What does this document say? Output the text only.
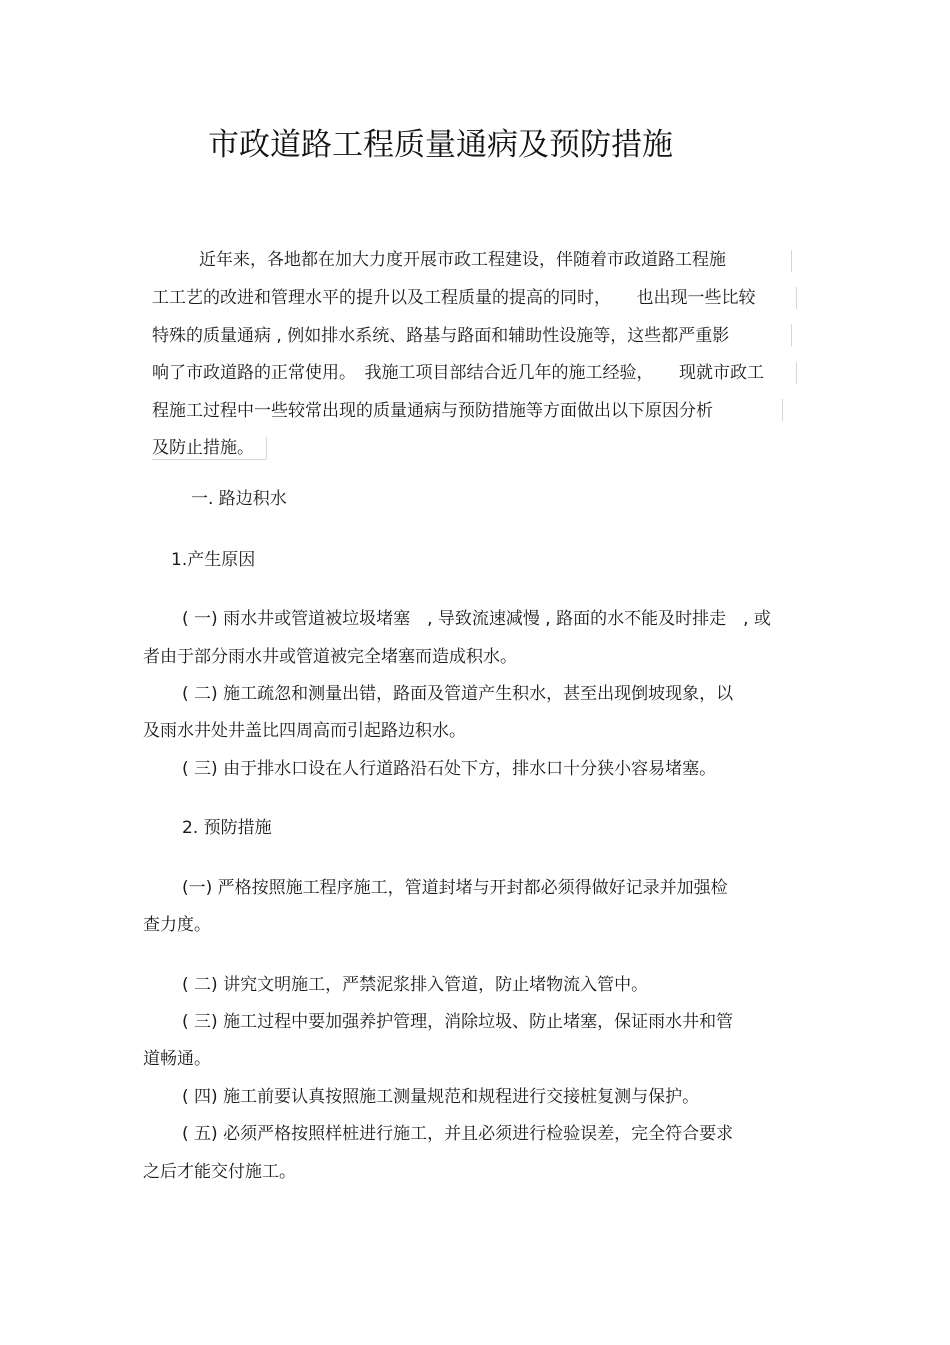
市政道路工程质量通病及预防措施
近年来，各地都在加大力度开展市政工程建设，伴随着市政道路工程施
工工艺的改进和管理水平的提升以及工程质量的提高的同时，　　也出现一些比较
特殊的质量通病 , 例如排水系统、路基与路面和辅助性设施等，这些都严重影
响了市政道路的正常使用。　我施工项目部结合近几年的施工经验，　　现就市政工
程施工过程中一些较常出现的质量通病与预防措施等方面做出以下原因分析
及防止措施。
一. 路边积水
1.产生原因
( 一) 雨水井或管道被垃圾堵塞　, 导致流速减慢 , 路面的水不能及时排走　, 或
者由于部分雨水井或管道被完全堵塞而造成积水。
( 二) 施工疏忽和测量出错，路面及管道产生积水，甚至出现倒坡现象，以
及雨水井处井盖比四周高而引起路边积水。
( 三) 由于排水口设在人行道路沿石处下方，排水口十分狭小容易堵塞。
2. 预防措施
(一) 严格按照施工程序施工，管道封堵与开封都必须得做好记录并加强检
查力度。
( 二) 讲究文明施工，严禁泥浆排入管道，防止堵物流入管中。
( 三) 施工过程中要加强养护管理，消除垃圾、防止堵塞，保证雨水井和管
道畅通。
( 四) 施工前要认真按照施工测量规范和规程进行交接桩复测与保护。
( 五) 必须严格按照样桩进行施工，并且必须进行检验误差，完全符合要求
之后才能交付施工。
